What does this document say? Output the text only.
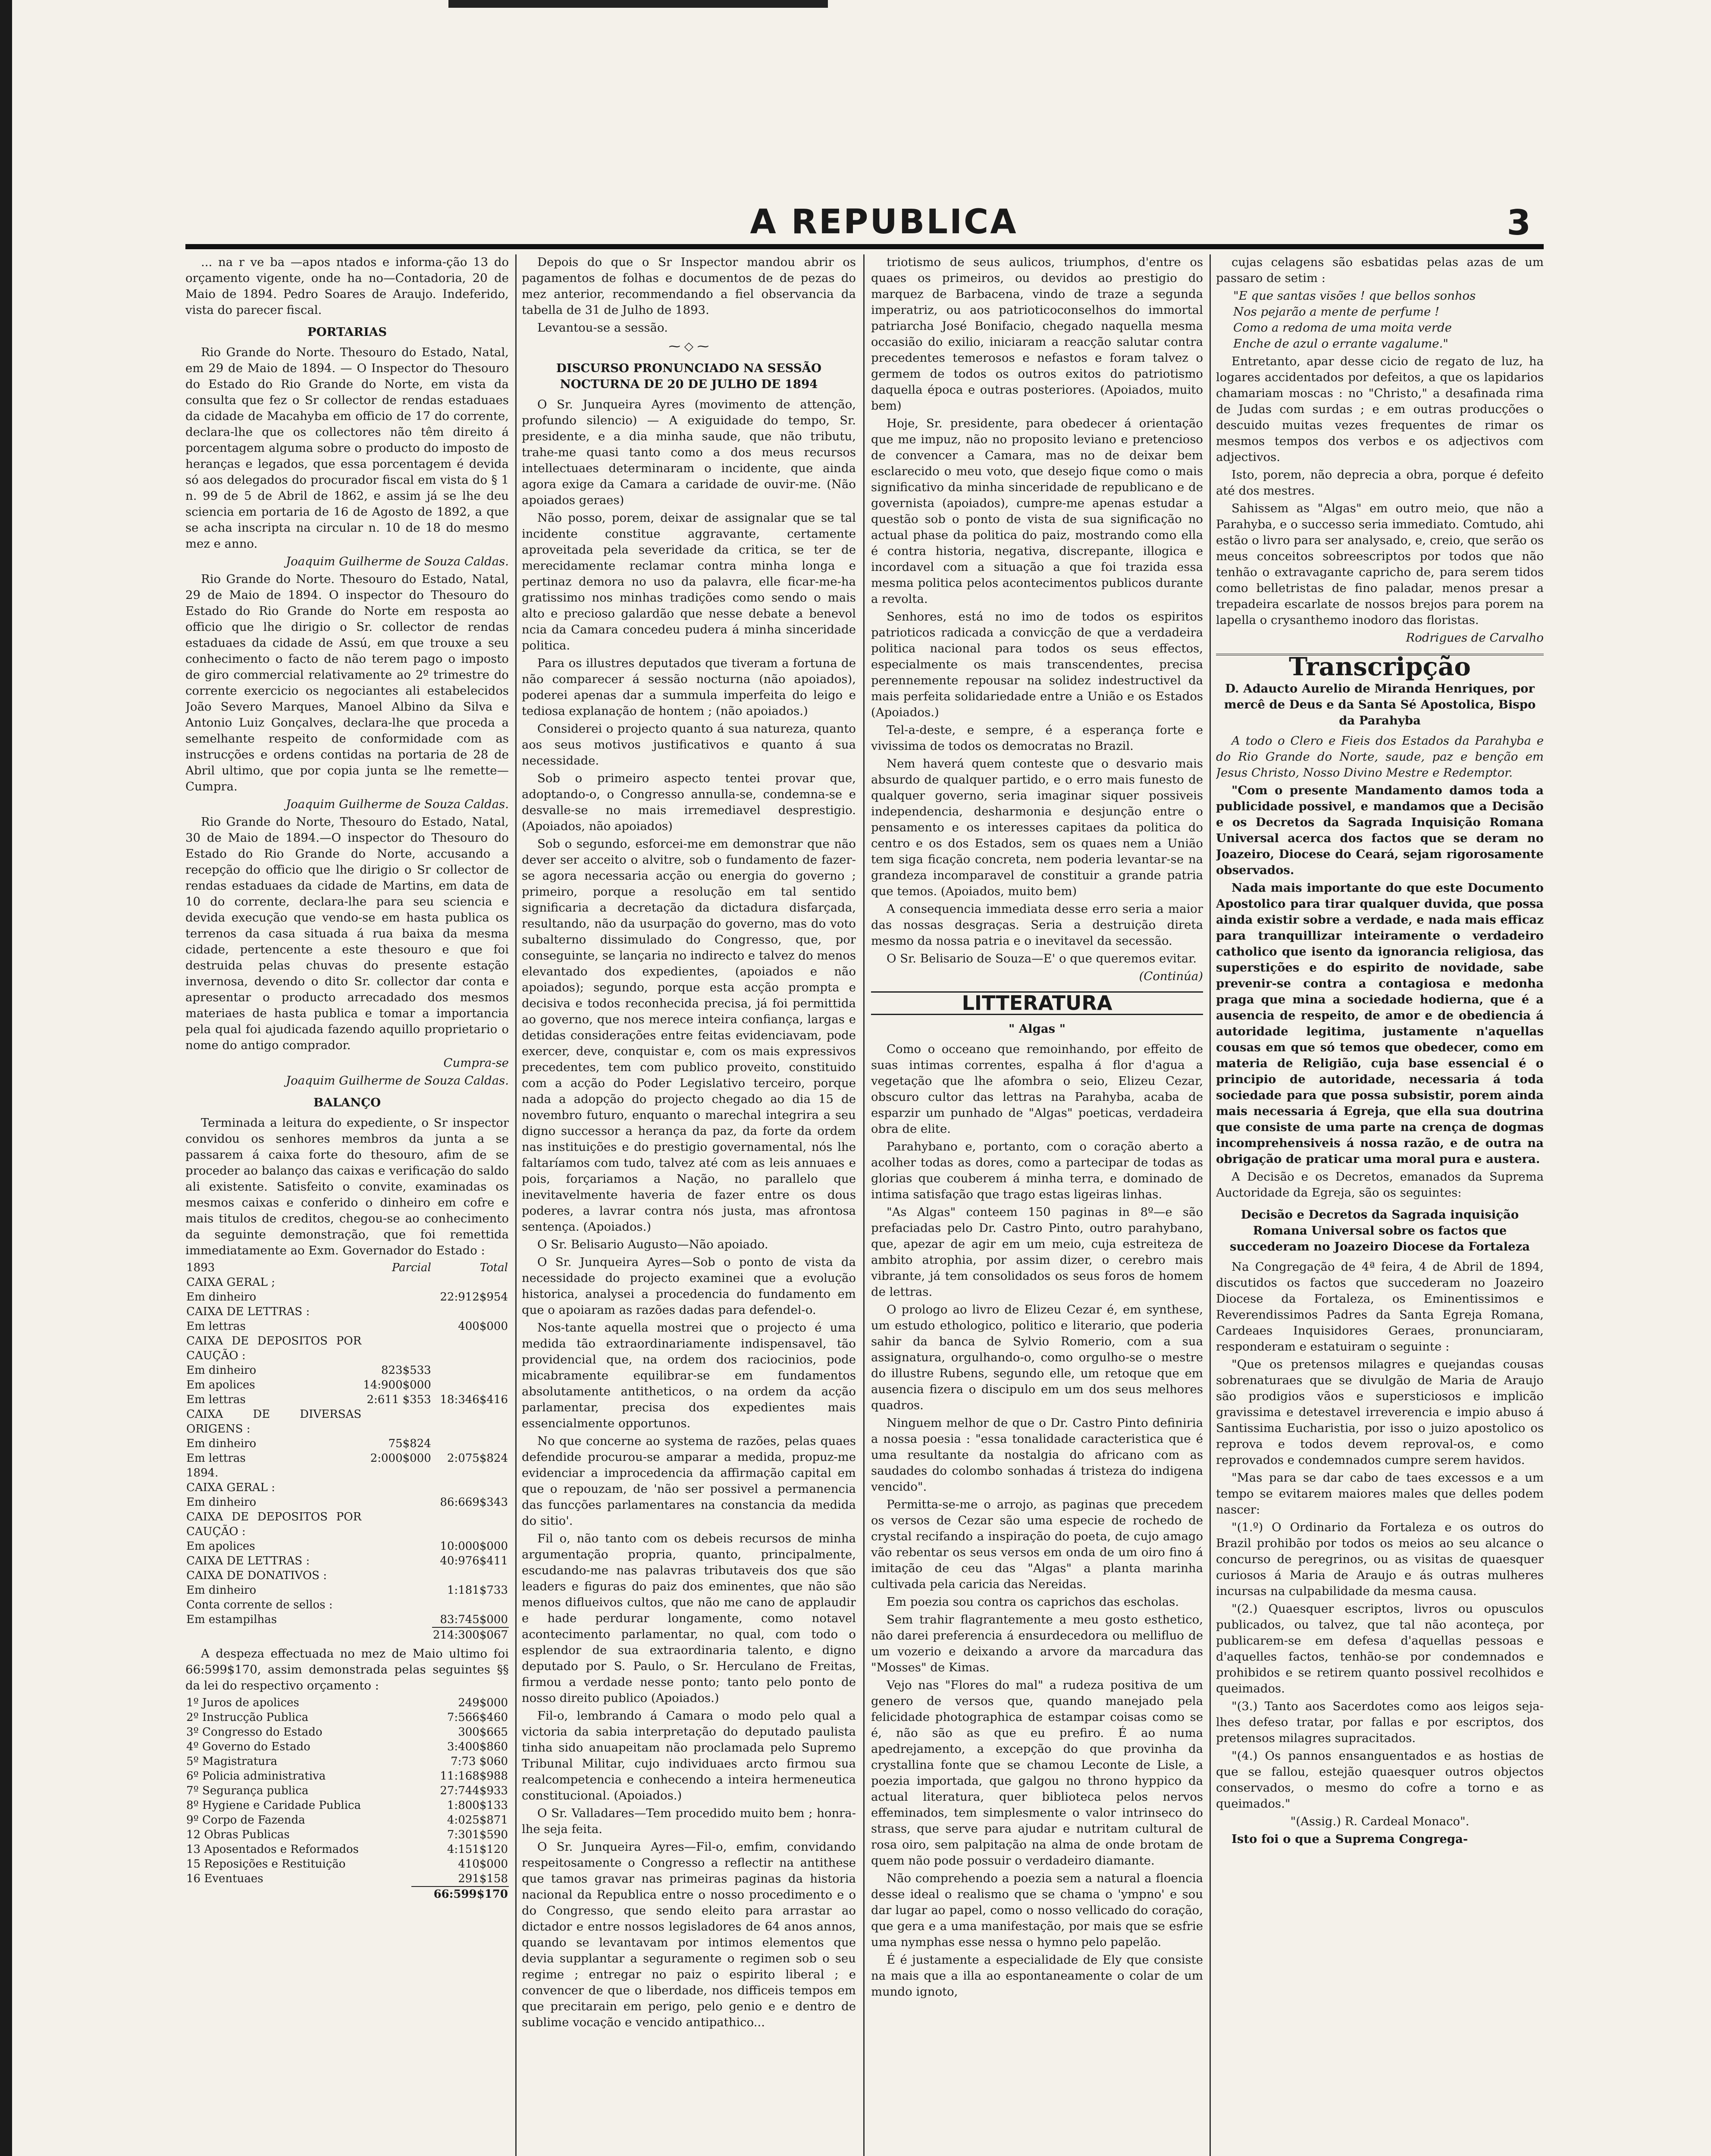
A REPUBLICA	3

... na r ve ba —apos ntados e informa-ção 13 do orçamento vigente, onde ha no—Contadoria, 20 de Maio de 1894. Pedro Soares de Araujo. Indeferido, vista do parecer fiscal.

PORTARIAS

Rio Grande do Norte. Thesouro do Estado, Natal, em 29 de Maio de 1894. — O Inspector do Thesouro do Estado do Rio Grande do Norte, em vista da consulta que fez o Sr collector de rendas estaduaes da cidade de Macahyba em officio de 17 do corrente, declara-lhe que os collectores não têm direito á porcentagem alguma sobre o producto do imposto de heranças e legados, que essa porcentagem é devida só aos delegados do procurador fiscal em vista do § 1 n. 99 de 5 de Abril de 1862, e assim já se lhe deu sciencia em portaria de 16 de Agosto de 1892, a que se acha inscripta na circular n. 10 de 18 do mesmo mez e anno.

Joaquim Guilherme de Souza Caldas.

Rio Grande do Norte. Thesouro do Estado, Natal, 29 de Maio de 1894. O inspector do Thesouro do Estado do Rio Grande do Norte em resposta ao officio que lhe dirigio o Sr. collector de rendas estaduaes da cidade de Assú, em que trouxe a seu conhecimento o facto de não terem pago o imposto de giro commercial relativamente ao 2º trimestre do corrente exercicio os negociantes ali estabelecidos João Severo Marques, Manoel Albino da Silva e Antonio Luiz Gonçalves, declara-lhe que proceda a semelhante respeito de conformidade com as instrucções e ordens contidas na portaria de 28 de Abril ultimo, que por copia junta se lhe remette—Cumpra.

Joaquim Guilherme de Souza Caldas.

Rio Grande do Norte, Thesouro do Estado, Natal, 30 de Maio de 1894.—O inspector do Thesouro do Estado do Rio Grande do Norte, accusando a recepção do officio que lhe dirigio o Sr collector de rendas estaduaes da cidade de Martins, em data de 10 do corrente, declara-lhe para seu sciencia e devida execução que vendo-se em hasta publica os terrenos da casa situada á rua baixa da mesma cidade, pertencente a este thesouro e que foi destruida pelas chuvas do presente estação invernosa, devendo o dito Sr. collector dar conta e apresentar o producto arrecadado dos mesmos materiaes de hasta publica e tomar a importancia pela qual foi ajudicada fazendo aquillo proprietario o nome do antigo comprador.

Cumpra-se

Joaquim Guilherme de Souza Caldas.

BALANÇO

Terminada a leitura do expediente, o Sr inspector convidou os senhores membros da junta a se passarem á caixa forte do thesouro, afim de se proceder ao balanço das caixas e verificação do saldo ali existente. Satisfeito o convite, examinadas os mesmos caixas e conferido o dinheiro em cofre e mais titulos de creditos, chegou-se ao conhecimento da seguinte demonstração, que foi remettida immediatamente ao Exm. Governador do Estado :

1893	Parcial	Total
CAIXA GERAL ;		
Em dinheiro		22:912$954
CAIXA DE LETTRAS :		
Em lettras		400$000
CAIXA DE DEPOSITOS POR CAUÇÃO :		
Em dinheiro	823$533	
Em apolices	14:900$000	
Em lettras	2:611 $353	18:346$416
CAIXA DE DIVERSAS ORIGENS :		
Em dinheiro	75$824	
Em lettras	2:000$000	2:075$824
1894.		
CAIXA GERAL :		
Em dinheiro		86:669$343
CAIXA DE DEPOSITOS POR CAUÇÃO :		
Em apolices		10:000$000
CAIXA DE LETTRAS :		40:976$411
CAIXA DE DONATIVOS :		
Em dinheiro		1:181$733
Conta corrente de sellos :		
Em estampilhas		83:745$000
		214:300$067

A despeza effectuada no mez de Maio ultimo foi 66:599$170, assim demonstrada pelas seguintes §§ da lei do respectivo orçamento :

1º Juros de apolices	249$000
2º Instrucção Publica	7:566$460
3º Congresso do Estado	300$665
4º Governo do Estado	3:400$860
5º Magistratura	7:73 $060
6º Policia administrativa	11:168$988
7º Segurança publica	27:744$933
8º Hygiene e Caridade Publica	1:800$133
9º Corpo de Fazenda	4:025$871
12 Obras Publicas	7:301$590
13 Aposentados e Reformados	4:151$120
15 Reposições e Restituição	410$000
16 Eventuaes	291$158
	66:599$170

Depois do que o Sr Inspector mandou abrir os pagamentos de folhas e documentos de de pezas do mez anterior, recommendando a fiel observancia da tabella de 31 de Julho de 1893.

Levantou-se a sessão.

⁓ ◇ ⁓

DISCURSO PRONUNCIADO NA SESSÃO NOCTURNA DE 20 DE JULHO DE 1894

O Sr. Junqueira Ayres (movimento de attenção, profundo silencio) — A exiguidade do tempo, Sr. presidente, e a dia minha saude, que não tributu, trahe-me quasi tanto como a dos meus recursos intellectuaes determinaram o incidente, que ainda agora exige da Camara a caridade de ouvir-me. (Não apoiados geraes)

Não posso, porem, deixar de assignalar que se tal incidente constitue aggravante, certamente aproveitada pela severidade da critica, se ter de merecidamente reclamar contra minha longa e pertinaz demora no uso da palavra, elle ficar-me-ha gratissimo nos minhas tradições como sendo o mais alto e precioso galardão que nesse debate a benevol ncia da Camara concedeu pudera á minha sinceridade politica.

Para os illustres deputados que tiveram a fortuna de não comparecer á sessão nocturna (não apoiados), poderei apenas dar a summula imperfeita do leigo e tediosa explanação de hontem ; (não apoiados.)

Considerei o projecto quanto á sua natureza, quanto aos seus motivos justificativos e quanto á sua necessidade.

Sob o primeiro aspecto tentei provar que, adoptando-o, o Congresso annulla-se, condemna-se e desvalle-se no mais irremediavel desprestigio. (Apoiados, não apoiados)

Sob o segundo, esforcei-me em demonstrar que não dever ser acceito o alvitre, sob o fundamento de fazer-se agora necessaria acção ou energia do governo ; primeiro, porque a resolução em tal sentido significaria a decretação da dictadura disfarçada, resultando, não da usurpação do governo, mas do voto subalterno dissimulado do Congresso, que, por conseguinte, se lançaria no indirecto e talvez do menos elevantado dos expedientes, (apoiados e não apoiados); segundo, porque esta acção prompta e decisiva e todos reconhecida precisa, já foi permittida ao governo, que nos merece inteira confiança, largas e detidas considerações entre feitas evidenciavam, pode exercer, deve, conquistar e, com os mais expressivos precedentes, tem com publico proveito, constituido com a acção do Poder Legislativo terceiro, porque nada a adopção do projecto chegado ao dia 15 de novembro futuro, enquanto o marechal integrira a seu digno successor a herança da paz, da forte da ordem nas instituições e do prestigio governamental, nós lhe faltaríamos com tudo, talvez até com as leis annuaes e pois, forçariamos a Nação, no parallelo que inevitavelmente haveria de fazer entre os dous poderes, a lavrar contra nós justa, mas afrontosa sentença. (Apoiados.)

O Sr. Belisario Augusto—Não apoiado.

O Sr. Junqueira Ayres—Sob o ponto de vista da necessidade do projecto examinei que a evolução historica, analysei a procedencia do fundamento em que o apoiaram as razões dadas para defendel-o.

Nos-tante aquella mostrei que o projecto é uma medida tão extraordinariamente indispensavel, tão providencial que, na ordem dos raciocinios, pode micabramente equilibrar-se em fundamentos absolutamente antitheticos, o na ordem da acção parlamentar, precisa dos expedientes mais essencialmente opportunos.

No que concerne ao systema de razões, pelas quaes defendide procurou-se amparar a medida, propuz-me evidenciar a improcedencia da affirmação capital em que o repouzam, de 'não ser possivel a permanencia das funcções parlamentares na constancia da medida do sitio'.

Fil o, não tanto com os debeis recursos de minha argumentação propria, quanto, principalmente, escudando-me nas palavras tributaveis dos que são leaders e figuras do paiz dos eminentes, que não são menos diflueivos cultos, que não me cano de applaudir e hade perdurar longamente, como notavel acontecimento parlamentar, no qual, com todo o esplendor de sua extraordinaria talento, e digno deputado por S. Paulo, o Sr. Herculano de Freitas, firmou a verdade nesse ponto; tanto pelo ponto de nosso direito publico (Apoiados.)

Fil-o, lembrando á Camara o modo pelo qual a victoria da sabia interpretação do deputado paulista tinha sido anuapeitam não proclamada pelo Supremo Tribunal Militar, cujo individuaes arcto firmou sua realcompetencia e conhecendo a inteira hermeneutica constitucional. (Apoiados.)

O Sr. Valladares—Tem procedido muito bem ; honra-lhe seja feita.

O Sr. Junqueira Ayres—Fil-o, emfim, convidando respeitosamente o Congresso a reflectir na antithese que tamos gravar nas primeiras paginas da historia nacional da Republica entre o nosso procedimento e o do Congresso, que sendo eleito para arrastar ao dictador e entre nossos legisladores de 64 anos annos, quando se levantavam por intimos elementos que devia supplantar a seguramente o regimen sob o seu regime ; entregar no paiz o espirito liberal ; e convencer de que o liberdade, nos difficeis tempos em que precitarain em perigo, pelo genio e e dentro de sublime vocação e vencido antipathico...

triotismo de seus aulicos, triumphos, d'entre os quaes os primeiros, ou devidos ao prestigio do marquez de Barbacena, vindo de traze a segunda imperatriz, ou aos patrioticoconselhos do immortal patriarcha José Bonifacio, chegado naquella mesma occasião do exilio, iniciaram a reacção salutar contra precedentes temerosos e nefastos e foram talvez o germem de todos os outros exitos do patriotismo daquella época e outras posteriores. (Apoiados, muito bem)

Hoje, Sr. presidente, para obedecer á orientação que me impuz, não no proposito leviano e pretencioso de convencer a Camara, mas no de deixar bem esclarecido o meu voto, que desejo fique como o mais significativo da minha sinceridade de republicano e de governista (apoiados), cumpre-me apenas estudar a questão sob o ponto de vista de sua significação no actual phase da politica do paiz, mostrando como ella é contra historia, negativa, discrepante, illogica e incordavel com a situação a que foi trazida essa mesma politica pelos acontecimentos publicos durante a revolta.

Senhores, está no imo de todos os espiritos patrioticos radicada a convicção de que a verdadeira politica nacional para todos os seus effectos, especialmente os mais transcendentes, precisa perennemente repousar na solidez indestructivel da mais perfeita solidariedade entre a União e os Estados (Apoiados.)

Tel-a-deste, e sempre, é a esperança forte e vivissima de todos os democratas no Brazil.

Nem haverá quem conteste que o desvario mais absurdo de qualquer partido, e o erro mais funesto de qualquer governo, seria imaginar siquer possiveis independencia, desharmonia e desjunção entre o pensamento e os interesses capitaes da politica do centro e os dos Estados, sem os quaes nem a União tem siga ficação concreta, nem poderia levantar-se na grandeza incomparavel de constituir a grande patria que temos. (Apoiados, muito bem)

A consequencia immediata desse erro seria a maior das nossas desgraças. Seria a destruição direta mesmo da nossa patria e o inevitavel da secessão.

O Sr. Belisario de Souza—E' o que queremos evitar.

(Continúa)

LITTERATURA

" Algas "

Como o occeano que remoinhando, por effeito de suas intimas correntes, espalha á flor d'agua a vegetação que lhe afombra o seio, Elizeu Cezar, obscuro cultor das lettras na Parahyba, acaba de esparzir um punhado de "Algas" poeticas, verdadeira obra de elite.

Parahybano e, portanto, com o coração aberto a acolher todas as dores, como a partecipar de todas as glorias que couberem á minha terra, e dominado de intima satisfação que trago estas ligeiras linhas.

"As Algas" conteem 150 paginas in 8º—e são prefaciadas pelo Dr. Castro Pinto, outro parahybano, que, apezar de agir em um meio, cuja estreiteza de ambito atrophia, por assim dizer, o cerebro mais vibrante, já tem consolidados os seus foros de homem de lettras.

O prologo ao livro de Elizeu Cezar é, em synthese, um estudo ethologico, politico e literario, que poderia sahir da banca de Sylvio Romerio, com a sua assignatura, orgulhando-o, como orgulho-se o mestre do illustre Rubens, segundo elle, um retoque que em ausencia fizera o discipulo em um dos seus melhores quadros.

Ninguem melhor de que o Dr. Castro Pinto definiria a nossa poesia : "essa tonalidade caracteristica que é uma resultante da nostalgia do africano com as saudades do colombo sonhadas á tristeza do indigena vencido".

Permitta-se-me o arrojo, as paginas que precedem os versos de Cezar são uma especie de rochedo de crystal recifando a inspiração do poeta, de cujo amago vão rebentar os seus versos em onda de um oiro fino á imitação de ceu das "Algas" a planta marinha cultivada pela caricia das Nereidas.

Em poezia sou contra os caprichos das escholas.

Sem trahir flagrantemente a meu gosto esthetico, não darei preferencia á ensurdecedora ou mellifluo de um vozerio e deixando a arvore da marcadura das "Mosses" de Kimas.

Vejo nas "Flores do mal" a rudeza positiva de um genero de versos que, quando manejado pela felicidade photographica de estampar coisas como se é, não são as que eu prefiro. É ao numa apedrejamento, a excepção do que provinha da crystallina fonte que se chamou Leconte de Lisle, a poezia importada, que galgou no throno hyppico da actual literatura, quer biblioteca pelos nervos effeminados, tem simplesmente o valor intrinseco do strass, que serve para ajudar e nutritam cultural de rosa oiro, sem palpitação na alma de onde brotam de quem não pode possuir o verdadeiro diamante.

Não comprehendo a poezia sem a natural a floencia desse ideal o realismo que se chama o 'ympno' e sou dar lugar ao papel, como o nosso vellicado do coração, que gera e a uma manifestação, por mais que se esfrie uma nymphas esse nessa o hymno pelo papelão.

É é justamente a especialidade de Ely que consiste na mais que a illa ao espontaneamente o colar de um mundo ignoto,

cujas celagens são esbatidas pelas azas de um passaro de setim :

"E que santas visões ! que bellos sonhos
Nos pejarão a mente de perfume !
Como a redoma de uma moita verde
Enche de azul o errante vagalume."

Entretanto, apar desse cicio de regato de luz, ha logares accidentados por defeitos, a que os lapidarios chamariam moscas : no "Christo," a desafinada rima de Judas com surdas ; e em outras producções o descuido muitas vezes frequentes de rimar os mesmos tempos dos verbos e os adjectivos com adjectivos.

Isto, porem, não deprecia a obra, porque é defeito até dos mestres.

Sahissem as "Algas" em outro meio, que não a Parahyba, e o successo seria immediato. Comtudo, ahi estão o livro para ser analysado, e, creio, que serão os meus conceitos sobreescriptos por todos que não tenhão o extravagante capricho de, para serem tidos como belletristas de fino paladar, menos presar a trepadeira escarlate de nossos brejos para porem na lapella o crysanthemo inodoro das floristas.

Rodrigues de Carvalho

Transcripção

D. Adaucto Aurelio de Miranda Henriques, por mercê de Deus e da Santa Sé Apostolica, Bispo da Parahyba

A todo o Clero e Fieis dos Estados da Parahyba e do Rio Grande do Norte, saude, paz e benção em Jesus Christo, Nosso Divino Mestre e Redemptor.

"Com o presente Mandamento damos toda a publicidade possivel, e mandamos que a Decisão e os Decretos da Sagrada Inquisição Romana Universal acerca dos factos que se deram no Joazeiro, Diocese do Ceará, sejam rigorosamente observados.

Nada mais importante do que este Documento Apostolico para tirar qualquer duvida, que possa ainda existir sobre a verdade, e nada mais efficaz para tranquillizar inteiramente o verdadeiro catholico que isento da ignorancia religiosa, das superstições e do espirito de novidade, sabe prevenir-se contra a contagiosa e medonha praga que mina a sociedade hodierna, que é a ausencia de respeito, de amor e de obediencia á autoridade legitima, justamente n'aquellas cousas em que só temos que obedecer, como em materia de Religião, cuja base essencial é o principio de autoridade, necessaria á toda sociedade para que possa subsistir, porem ainda mais necessaria á Egreja, que ella sua doutrina que consiste de uma parte na crença de dogmas incomprehensiveis á nossa razão, e de outra na obrigação de praticar uma moral pura e austera.

A Decisão e os Decretos, emanados da Suprema Auctoridade da Egreja, são os seguintes:

Decisão e Decretos da Sagrada inquisição Romana Universal sobre os factos que succederam no Joazeiro Diocese da Fortaleza

Na Congregação de 4ª feira, 4 de Abril de 1894, discutidos os factos que succederam no Joazeiro Diocese da Fortaleza, os Eminentissimos e Reverendissimos Padres da Santa Egreja Romana, Cardeaes Inquisidores Geraes, pronunciaram, responderam e estatuiram o seguinte :

"Que os pretensos milagres e quejandas cousas sobrenaturaes que se divulgão de Maria de Araujo são prodigios vãos e supersticiosos e implicão gravissima e detestavel irreverencia e impio abuso á Santissima Eucharistia, por isso o juizo apostolico os reprova e todos devem reproval-os, e como reprovados e condemnados cumpre serem havidos.

"Mas para se dar cabo de taes excessos e a um tempo se evitarem maiores males que delles podem nascer:

"(1.º) O Ordinario da Fortaleza e os outros do Brazil prohibão por todos os meios ao seu alcance o concurso de peregrinos, ou as visitas de quaesquer curiosos á Maria de Araujo e ás outras mulheres incursas na culpabilidade da mesma causa.

"(2.) Quaesquer escriptos, livros ou opusculos publicados, ou talvez, que tal não aconteça, por publicarem-se em defesa d'aquellas pessoas e d'aquelles factos, tenhão-se por condemnados e prohibidos e se retirem quanto possivel recolhidos e queimados.

"(3.) Tanto aos Sacerdotes como aos leigos seja-lhes defeso tratar, por fallas e por escriptos, dos pretensos milagres supracitados.

"(4.) Os pannos ensanguentados e as hostias de que se fallou, estejão quaesquer outros objectos conservados, o mesmo do cofre a torno e as queimados."

"(Assig.) R. Cardeal Monaco".

Isto foi o que a Suprema Congrega-
